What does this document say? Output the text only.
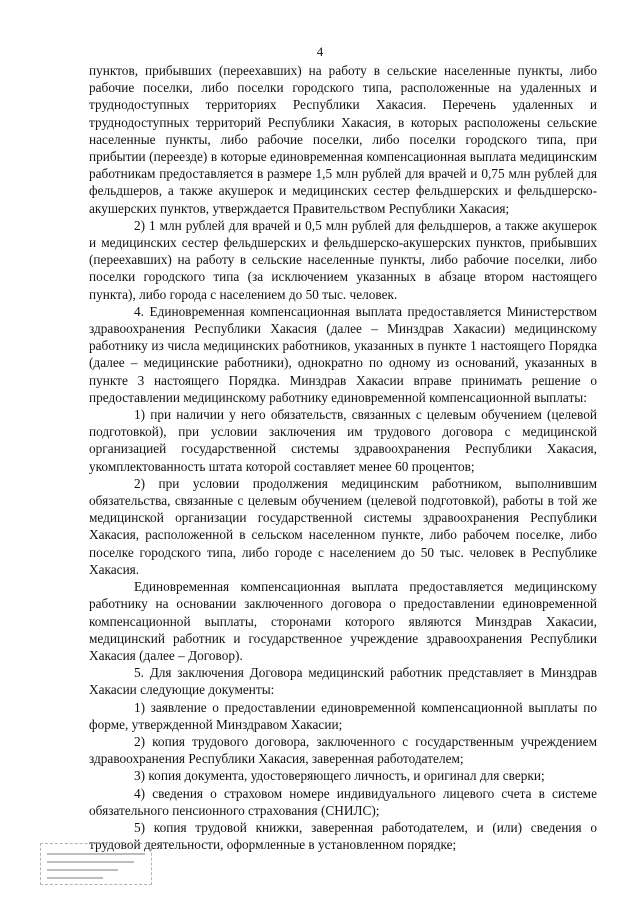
4

пунктов, прибывших (переехавших) на работу в сельские населенные пункты, либо рабочие поселки, либо поселки городского типа, расположенные на удаленных и труднодоступных территориях Республики Хакасия. Перечень удаленных и труднодоступных территорий Республики Хакасия, в которых расположены сельские населенные пункты, либо рабочие поселки, либо поселки городского типа, при прибытии (переезде) в которые единовременная компенсационная выплата медицинским работникам предоставляется в размере 1,5 млн рублей для врачей и 0,75 млн рублей для фельдшеров, а также акушерок и медицинских сестер фельдшерских и фельдшерско-акушерских пунктов, утверждается Правительством Республики Хакасия;

2) 1 млн рублей для врачей и 0,5 млн рублей для фельдшеров, а также акушерок и медицинских сестер фельдшерских и фельдшерско-акушерских пунктов, прибывших (переехавших) на работу в сельские населенные пункты, либо рабочие поселки, либо поселки городского типа (за исключением указанных в абзаце втором настоящего пункта), либо города с населением до 50 тыс. человек.

4. Единовременная компенсационная выплата предоставляется Министерством здравоохранения Республики Хакасия (далее – Минздрав Хакасии) медицинскому работнику из числа медицинских работников, указанных в пункте 1 настоящего Порядка (далее – медицинские работники), однократно по одному из оснований, указанных в пункте 3 настоящего Порядка. Минздрав Хакасии вправе принимать решение о предоставлении медицинскому работнику единовременной компенсационной выплаты:

1) при наличии у него обязательств, связанных с целевым обучением (целевой подготовкой), при условии заключения им трудового договора с медицинской организацией государственной системы здравоохранения Республики Хакасия, укомплектованность штата которой составляет менее 60 процентов;

2) при условии продолжения медицинским работником, выполнившим обязательства, связанные с целевым обучением (целевой подготовкой), работы в той же медицинской организации государственной системы здравоохранения Республики Хакасия, расположенной в сельском населенном пункте, либо рабочем поселке, либо поселке городского типа, либо городе с населением до 50 тыс. человек в Республике Хакасия.

Единовременная компенсационная выплата предоставляется медицинскому работнику на основании заключенного договора о предоставлении единовременной компенсационной выплаты, сторонами которого являются Минздрав Хакасии, медицинский работник и государственное учреждение здравоохранения Республики Хакасия (далее – Договор).

5. Для заключения Договора медицинский работник представляет в Минздрав Хакасии следующие документы:

1) заявление о предоставлении единовременной компенсационной выплаты по форме, утвержденной Минздравом Хакасии;

2) копия трудового договора, заключенного с государственным учреждением здравоохранения Республики Хакасия, заверенная работодателем;

3) копия документа, удостоверяющего личность, и оригинал для сверки;

4) сведения о страховом номере индивидуального лицевого счета в системе обязательного пенсионного страхования (СНИЛС);

5) копия трудовой книжки, заверенная работодателем, и (или) сведения о трудовой деятельности, оформленные в установленном порядке;
